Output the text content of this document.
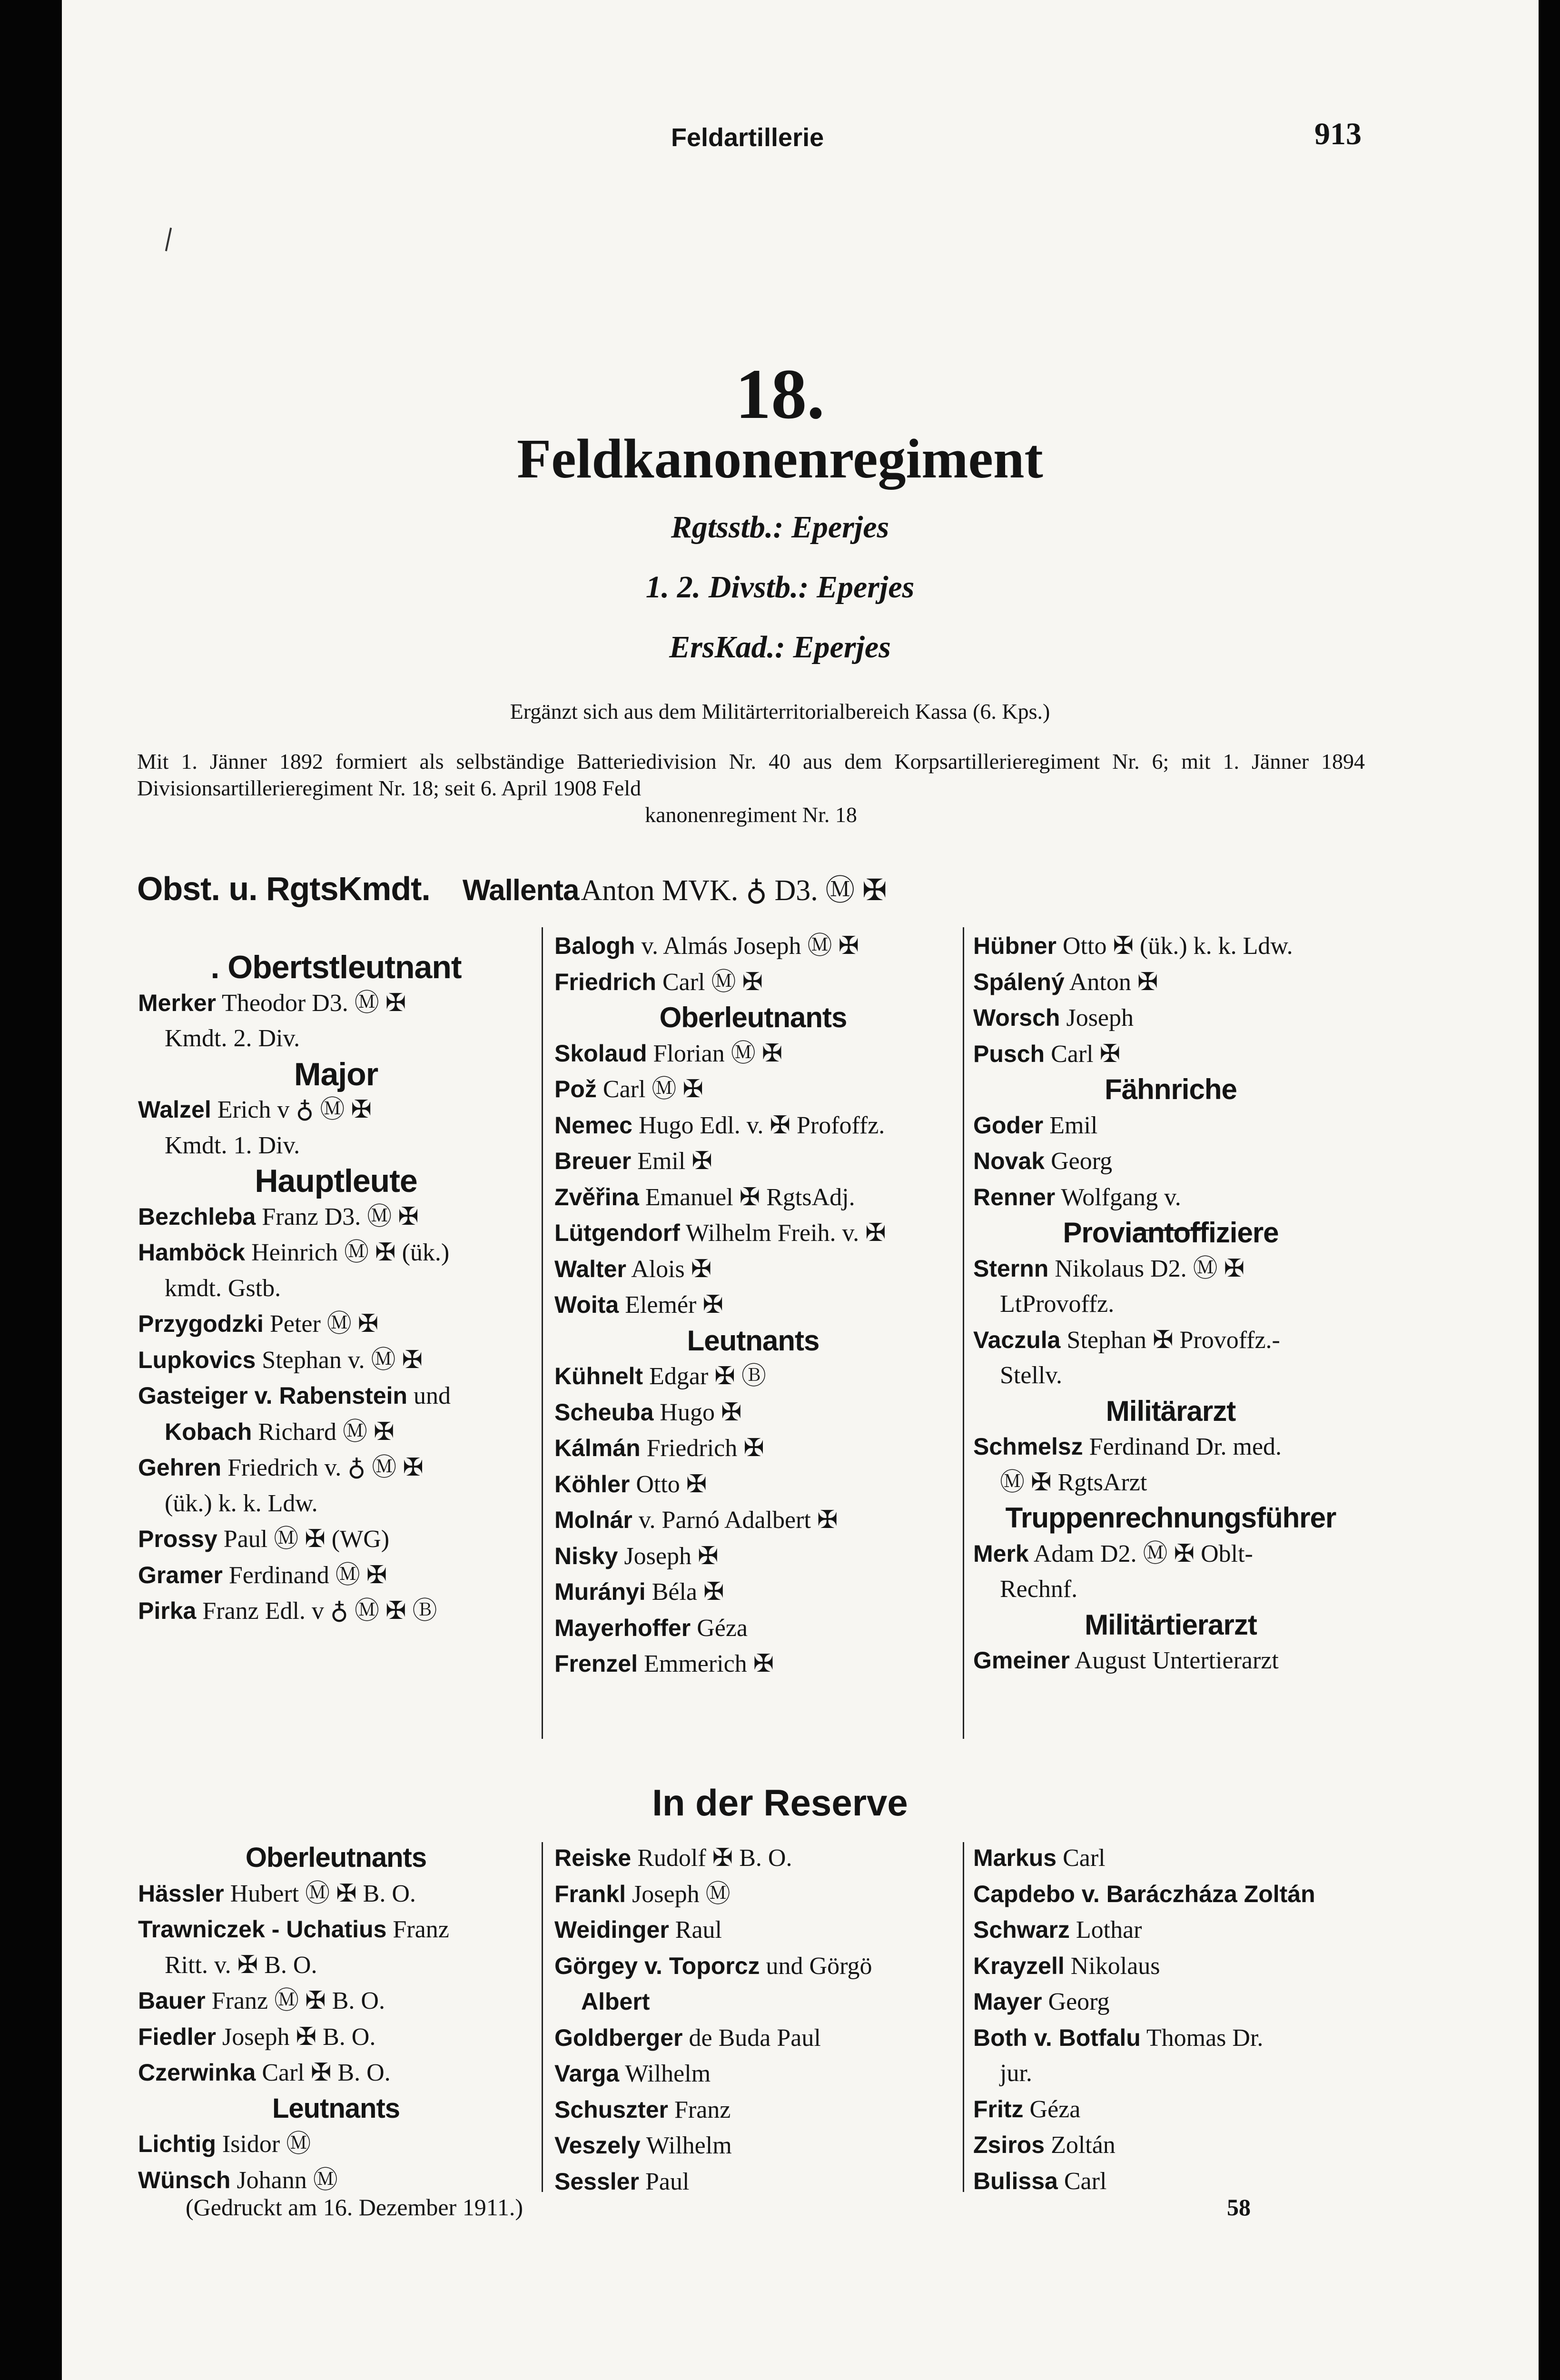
Feldartillerie	913
18.
Feldkanonenregiment
Rgtsstb.: Eperjes
1. 2. Divstb.: Eperjes
ErsKad.: Eperjes
Ergänzt sich aus dem Militärterritorialbereich Kassa (6. Kps.)
Mit 1. Jänner 1892 formiert als selbständige Batteriedivision Nr. 40 aus dem Korpsartillerieregiment Nr. 6; mit 1. Jänner 1894 Divisionsartillerieregiment Nr. 18; seit 6. April 1908 Feld
kanonenregiment Nr. 18
Obst. u. RgtsKmdt. Wallenta Anton MVK. ♁ D3. Ⓜ ✠
. Obertstleutnant
Merker Theodor D3. Ⓜ ✠
Kmdt. 2. Div.
Major
Walzel Erich v ♁ Ⓜ ✠
Kmdt. 1. Div.
Hauptleute
Bezchleba Franz D3. Ⓜ ✠
Hamböck Heinrich Ⓜ ✠ (ük.)
kmdt. Gstb.
Przygodzki Peter Ⓜ ✠
Lupkovics Stephan v. Ⓜ ✠
Gasteiger v. Rabenstein und
Kobach Richard Ⓜ ✠
Gehren Friedrich v. ♁ Ⓜ ✠
(ük.) k. k. Ldw.
Prossy Paul Ⓜ ✠ (WG)
Gramer Ferdinand Ⓜ ✠
Pirka Franz Edl. v ♁ Ⓜ ✠ Ⓑ
Balogh v. Almás Joseph Ⓜ ✠
Friedrich Carl Ⓜ ✠
Oberleutnants
Skolaud Florian Ⓜ ✠
Pož Carl Ⓜ ✠
Nemec Hugo Edl. v. ✠ Profoffz.
Breuer Emil ✠
Zvěřina Emanuel ✠ RgtsAdj.
Lütgendorf Wilhelm Freih. v. ✠
Walter Alois ✠
Woita Elemér ✠
Leutnants
Kühnelt Edgar ✠ Ⓑ
Scheuba Hugo ✠
Kálmán Friedrich ✠
Köhler Otto ✠
Molnár v. Parnó Adalbert ✠
Nisky Joseph ✠
Murányi Béla ✠
Mayerhoffer Géza
Frenzel Emmerich ✠
Hübner Otto ✠ (ük.) k. k. Ldw.
Spálený Anton ✠
Worsch Joseph
Pusch Carl ✠
Fähnriche
Goder Emil
Novak Georg
Renner Wolfgang v.
Proviantoffiziere
Sternn Nikolaus D2. Ⓜ ✠
LtProvoffz.
Vaczula Stephan ✠ Provoffz.-
Stellv.
Militärarzt
Schmelsz Ferdinand Dr. med.
Ⓜ ✠ RgtsArzt
Truppenrechnungsführer
Merk Adam D2. Ⓜ ✠ Oblt-
Rechnf.
Militärtierarzt
Gmeiner August Untertierarzt
In der Reserve
Oberleutnants
Hässler Hubert Ⓜ ✠ B. O.
Trawniczek - Uchatius Franz
Ritt. v. ✠ B. O.
Bauer Franz Ⓜ ✠ B. O.
Fiedler Joseph ✠ B. O.
Czerwinka Carl ✠ B. O.
Leutnants
Lichtig Isidor Ⓜ
Wünsch Johann Ⓜ
Reiske Rudolf ✠ B. O.
Frankl Joseph Ⓜ
Weidinger Raul
Görgey v. Toporcz und Görgö
Albert
Goldberger de Buda Paul
Varga Wilhelm
Schuszter Franz
Veszely Wilhelm
Sessler Paul
Markus Carl
Capdebo v. Baráczháza Zoltán
Schwarz Lothar
Krayzell Nikolaus
Mayer Georg
Both v. Botfalu Thomas Dr.
jur.
Fritz Géza
Zsiros Zoltán
Bulissa Carl
(Gedruckt am 16. Dezember 1911.)	58
